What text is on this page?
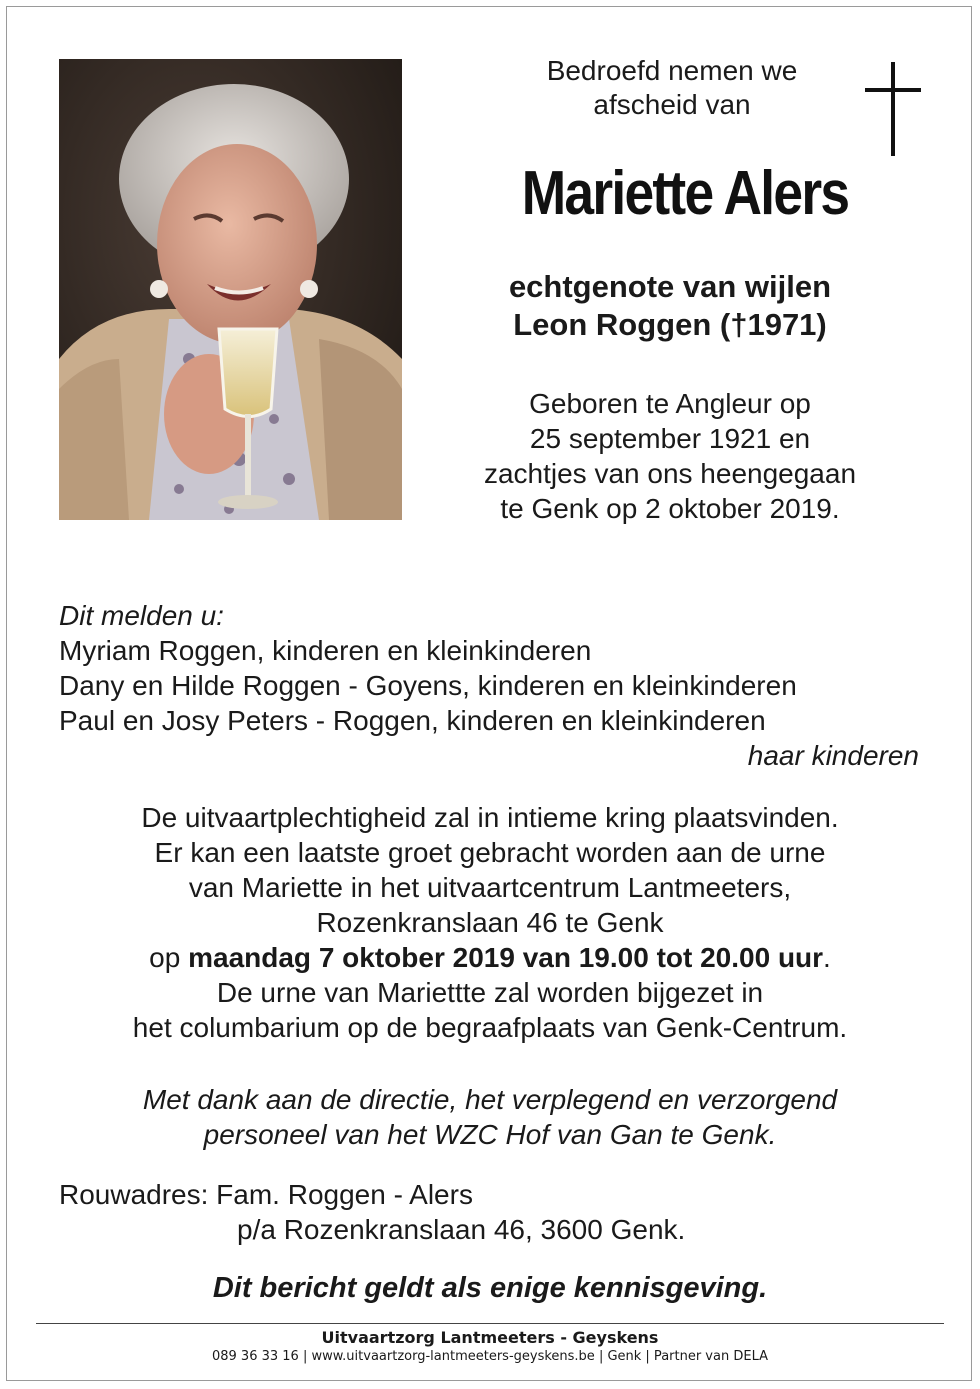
Bedroefd nemen we
afscheid van
Mariette Alers
echtgenote van wijlen
Leon Roggen (†1971)
Geboren te Angleur op
25 september 1921 en
zachtjes van ons heengegaan
te Genk op 2 oktober 2019.
Dit melden u:
Myriam Roggen, kinderen en kleinkinderen
Dany en Hilde Roggen - Goyens, kinderen en kleinkinderen
Paul en Josy Peters - Roggen, kinderen en kleinkinderen
haar kinderen
De uitvaartplechtigheid zal in intieme kring plaatsvinden.
Er kan een laatste groet gebracht worden aan de urne
van Mariette in het uitvaartcentrum Lantmeeters,
Rozenkranslaan 46 te Genk
op maandag 7 oktober 2019 van 19.00 tot 20.00 uur.
De urne van Mariettte zal worden bijgezet in
het columbarium op de begraafplaats van Genk-Centrum.
Met dank aan de directie, het verplegend en verzorgend
personeel van het WZC Hof van Gan te Genk.
Rouwadres: Fam. Roggen - Alers
p/a Rozenkranslaan 46, 3600 Genk.
Dit bericht geldt als enige kennisgeving.
Uitvaartzorg Lantmeeters - Geyskens
089 36 33 16 | www.uitvaartzorg-lantmeeters-geyskens.be | Genk | Partner van DELA
